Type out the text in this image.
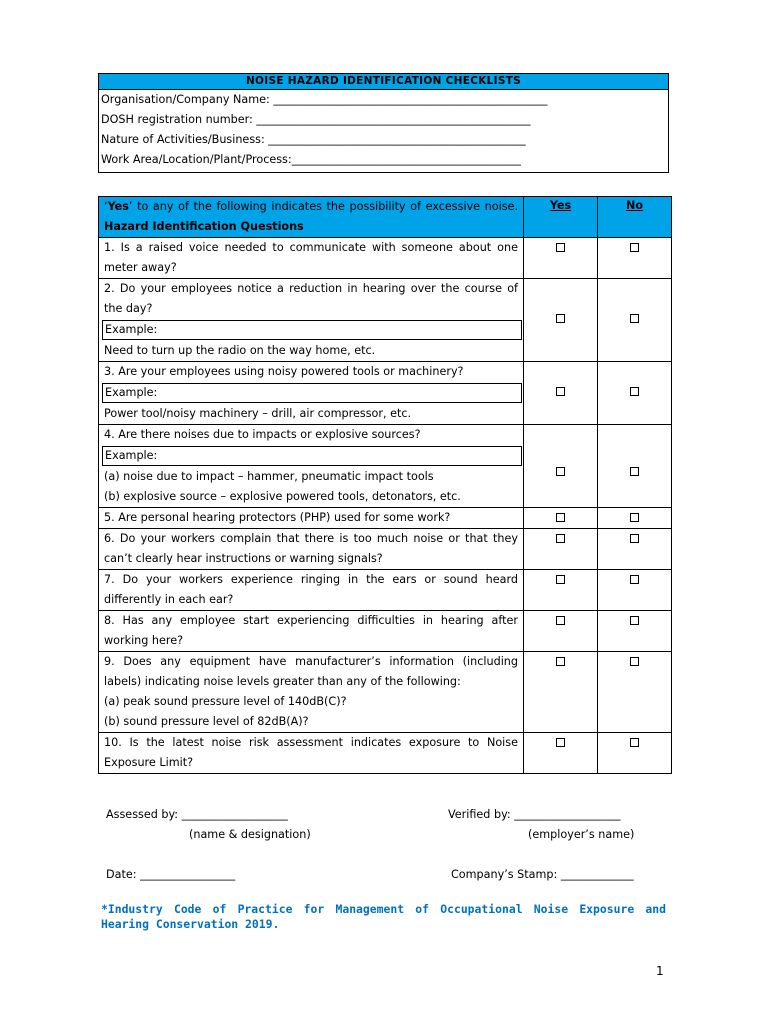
NOISE HAZARD IDENTIFICATION CHECKLISTS
Organisation/Company Name: _________________________________________________
DOSH registration number: _________________________________________________
Nature of Activities/Business: ______________________________________________
Work Area/Location/Plant/Process:_________________________________________
‘Yes’ to any of the following indicates the possibility of excessive noise. Hazard Identification Questions	Yes	No
1. Is a raised voice needed to communicate with someone about one meter away?		

2. Do your employees notice a reduction in hearing over the course of the day?
Example:
Need to turn up the radio on the way home, etc.		

3. Are your employees using noisy powered tools or machinery?
Example:
Power tool/noisy machinery – drill, air compressor, etc.		

4. Are there noises due to impacts or explosive sources?
Example:
(a) noise due to impact – hammer, pneumatic impact tools
(b) explosive source – explosive powered tools, detonators, etc.		

5. Are personal hearing protectors (PHP) used for some work?		
6. Do your workers complain that there is too much noise or that they can’t clearly hear instructions or warning signals?		
7. Do your workers experience ringing in the ears or sound heard differently in each ear?		
8. Has any employee start experiencing difficulties in hearing after working here?		

9. Does any equipment have manufacturer’s information (including labels) indicating noise levels greater than any of the following:
(a) peak sound pressure level of 140dB(C)?
(b) sound pressure level of 82dB(A)?		

10. Is the latest noise risk assessment indicates exposure to Noise Exposure Limit?		
Assessed by: ___________________
(name & designation)
Verified by: ___________________
(employer’s name)
Date: _________________	Company’s Stamp: _____________
*Industry Code of Practice for Management of Occupational Noise Exposure and Hearing Conservation 2019.
1
